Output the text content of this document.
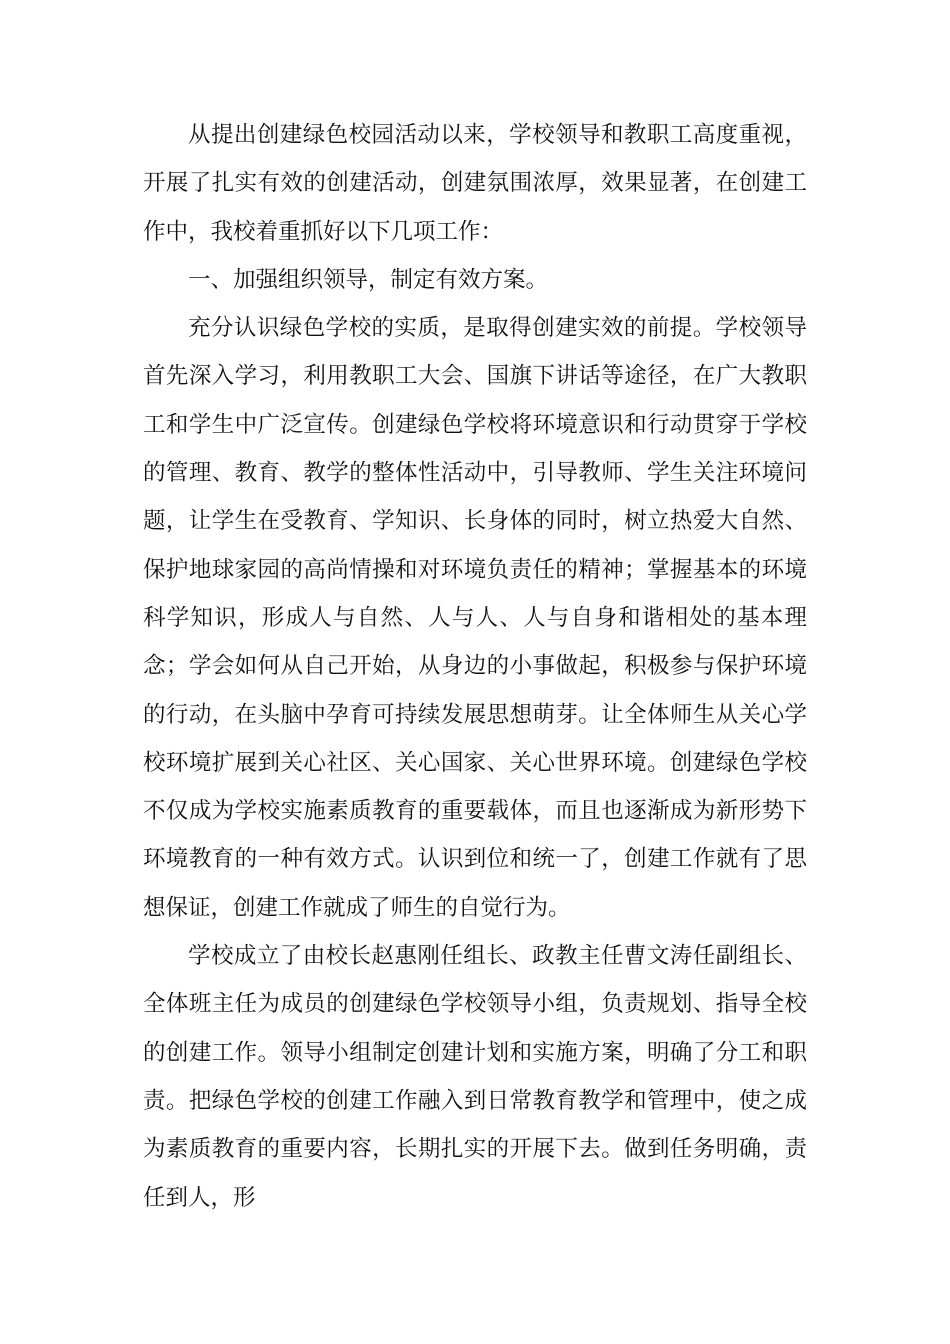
从提出创建绿色校园活动以来，学校领导和教职工高度重视，开展了扎实有效的创建活动，创建氛围浓厚，效果显著，在创建工作中，我校着重抓好以下几项工作：

一、加强组织领导，制定有效方案。

充分认识绿色学校的实质，是取得创建实效的前提。学校领导首先深入学习，利用教职工大会、国旗下讲话等途径，在广大教职工和学生中广泛宣传。创建绿色学校将环境意识和行动贯穿于学校的管理、教育、教学的整体性活动中，引导教师、学生关注环境问题，让学生在受教育、学知识、长身体的同时，树立热爱大自然、保护地球家园的高尚情操和对环境负责任的精神；掌握基本的环境科学知识，形成人与自然、人与人、人与自身和谐相处的基本理念；学会如何从自己开始，从身边的小事做起，积极参与保护环境的行动，在头脑中孕育可持续发展思想萌芽。让全体师生从关心学校环境扩展到关心社区、关心国家、关心世界环境。创建绿色学校不仅成为学校实施素质教育的重要载体，而且也逐渐成为新形势下环境教育的一种有效方式。认识到位和统一了，创建工作就有了思想保证，创建工作就成了师生的自觉行为。

学校成立了由校长赵惠刚任组长、政教主任曹文涛任副组长、全体班主任为成员的创建绿色学校领导小组，负责规划、指导全校的创建工作。领导小组制定创建计划和实施方案，明确了分工和职责。把绿色学校的创建工作融入到日常教育教学和管理中，使之成为素质教育的重要内容，长期扎实的开展下去。做到任务明确，责任到人，形
